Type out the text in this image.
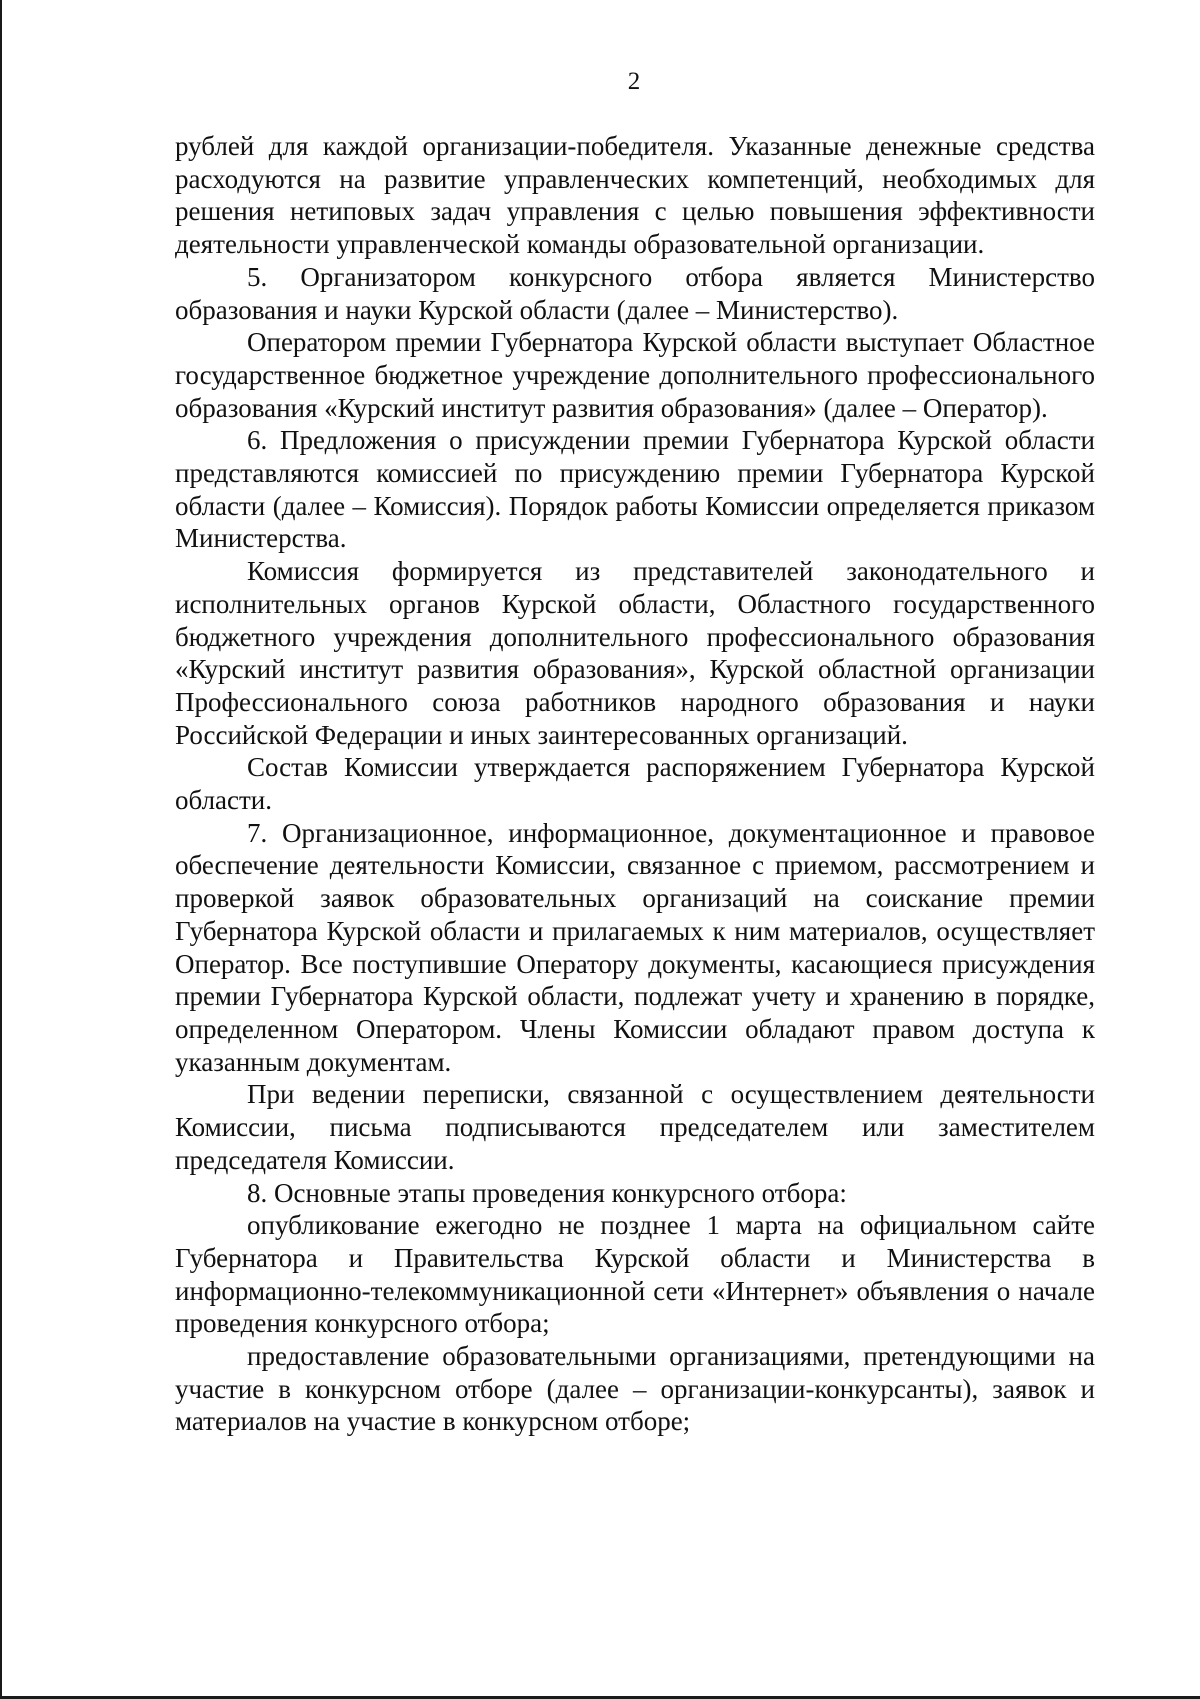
2

рублей для каждой организации-победителя. Указанные денежные средства расходуются на развитие управленческих компетенций, необходимых для решения нетиповых задач управления с целью повышения эффективности деятельности управленческой команды образовательной организации.

5. Организатором конкурсного отбора является Министерство образования и науки Курской области (далее – Министерство).

Оператором премии Губернатора Курской области выступает Областное государственное бюджетное учреждение дополнительного профессионального образования «Курский институт развития образования» (далее – Оператор).

6. Предложения о присуждении премии Губернатора Курской области представляются комиссией по присуждению премии Губернатора Курской области (далее – Комиссия). Порядок работы Комиссии определяется приказом Министерства.

Комиссия формируется из представителей законодательного и исполнительных органов Курской области, Областного государственного бюджетного учреждения дополнительного профессионального образования «Курский институт развития образования», Курской областной организации Профессионального союза работников народного образования и науки Российской Федерации и иных заинтересованных организаций.

Состав Комиссии утверждается распоряжением Губернатора Курской области.

7. Организационное, информационное, документационное и правовое обеспечение деятельности Комиссии, связанное с приемом, рассмотрением и проверкой заявок образовательных организаций на соискание премии Губернатора Курской области и прилагаемых к ним материалов, осуществляет Оператор. Все поступившие Оператору документы, касающиеся присуждения премии Губернатора Курской области, подлежат учету и хранению в порядке, определенном Оператором. Члены Комиссии обладают правом доступа к указанным документам.

При ведении переписки, связанной с осуществлением деятельности Комиссии, письма подписываются председателем или заместителем председателя Комиссии.

8. Основные этапы проведения конкурсного отбора:

опубликование ежегодно не позднее 1 марта на официальном сайте Губернатора и Правительства Курской области и Министерства в информационно-телекоммуникационной сети «Интернет» объявления о начале проведения конкурсного отбора;

предоставление образовательными организациями, претендующими на участие в конкурсном отборе (далее – организации-конкурсанты), заявок и материалов на участие в конкурсном отборе;
